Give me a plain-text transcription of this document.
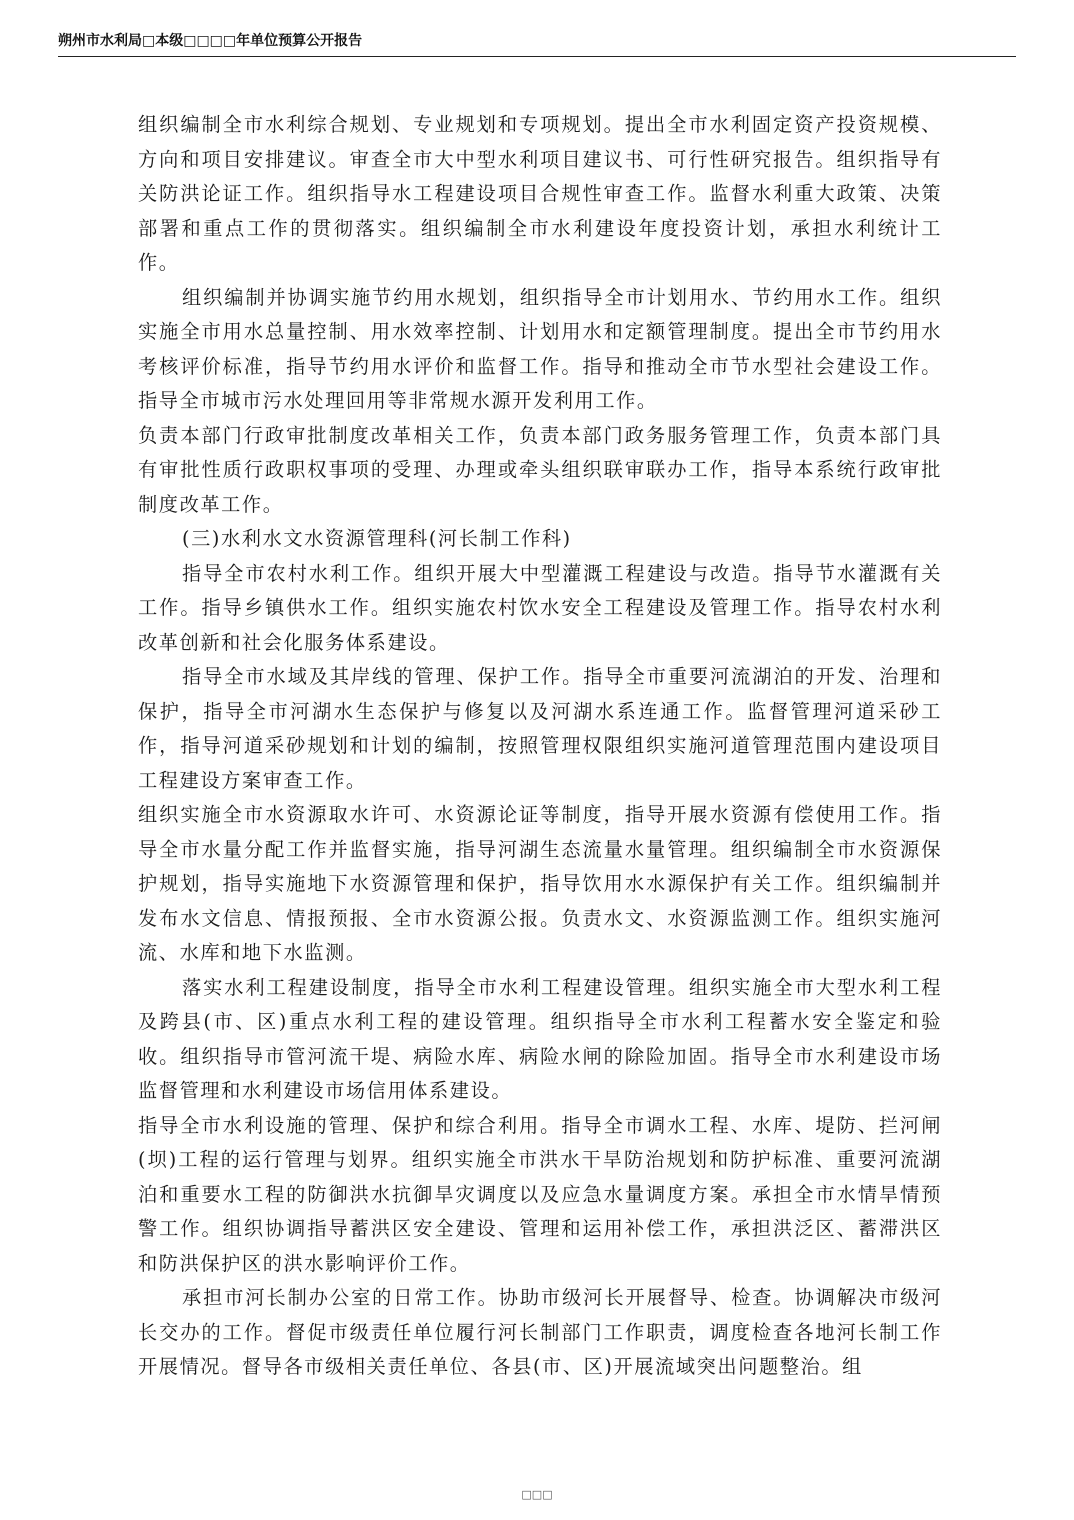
朔州市水利局□本级□□□□年单位预算公开报告

组织编制全市水利综合规划、专业规划和专项规划。提出全市水利固定资产投资规模、方向和项目安排建议。审查全市大中型水利项目建议书、可行性研究报告。组织指导有关防洪论证工作。组织指导水工程建设项目合规性审查工作。监督水利重大政策、决策部署和重点工作的贯彻落实。组织编制全市水利建设年度投资计划，承担水利统计工作。

组织编制并协调实施节约用水规划，组织指导全市计划用水、节约用水工作。组织实施全市用水总量控制、用水效率控制、计划用水和定额管理制度。提出全市节约用水考核评价标准，指导节约用水评价和监督工作。指导和推动全市节水型社会建设工作。指导全市城市污水处理回用等非常规水源开发利用工作。

负责本部门行政审批制度改革相关工作，负责本部门政务服务管理工作，负责本部门具有审批性质行政职权事项的受理、办理或牵头组织联审联办工作，指导本系统行政审批制度改革工作。

(三)水利水文水资源管理科(河长制工作科)

指导全市农村水利工作。组织开展大中型灌溉工程建设与改造。指导节水灌溉有关工作。指导乡镇供水工作。组织实施农村饮水安全工程建设及管理工作。指导农村水利改革创新和社会化服务体系建设。

指导全市水域及其岸线的管理、保护工作。指导全市重要河流湖泊的开发、治理和保护，指导全市河湖水生态保护与修复以及河湖水系连通工作。监督管理河道采砂工作，指导河道采砂规划和计划的编制，按照管理权限组织实施河道管理范围内建设项目工程建设方案审查工作。

组织实施全市水资源取水许可、水资源论证等制度，指导开展水资源有偿使用工作。指导全市水量分配工作并监督实施，指导河湖生态流量水量管理。组织编制全市水资源保护规划，指导实施地下水资源管理和保护，指导饮用水水源保护有关工作。组织编制并发布水文信息、情报预报、全市水资源公报。负责水文、水资源监测工作。组织实施河流、水库和地下水监测。

落实水利工程建设制度，指导全市水利工程建设管理。组织实施全市大型水利工程及跨县(市、区)重点水利工程的建设管理。组织指导全市水利工程蓄水安全鉴定和验收。组织指导市管河流干堤、病险水库、病险水闸的除险加固。指导全市水利建设市场监督管理和水利建设市场信用体系建设。

指导全市水利设施的管理、保护和综合利用。指导全市调水工程、水库、堤防、拦河闸(坝)工程的运行管理与划界。组织实施全市洪水干旱防治规划和防护标准、重要河流湖泊和重要水工程的防御洪水抗御旱灾调度以及应急水量调度方案。承担全市水情旱情预警工作。组织协调指导蓄洪区安全建设、管理和运用补偿工作，承担洪泛区、蓄滞洪区和防洪保护区的洪水影响评价工作。

承担市河长制办公室的日常工作。协助市级河长开展督导、检查。协调解决市级河长交办的工作。督促市级责任单位履行河长制部门工作职责，调度检查各地河长制工作开展情况。督导各市级相关责任单位、各县(市、区)开展流域突出问题整治。组

□□□
